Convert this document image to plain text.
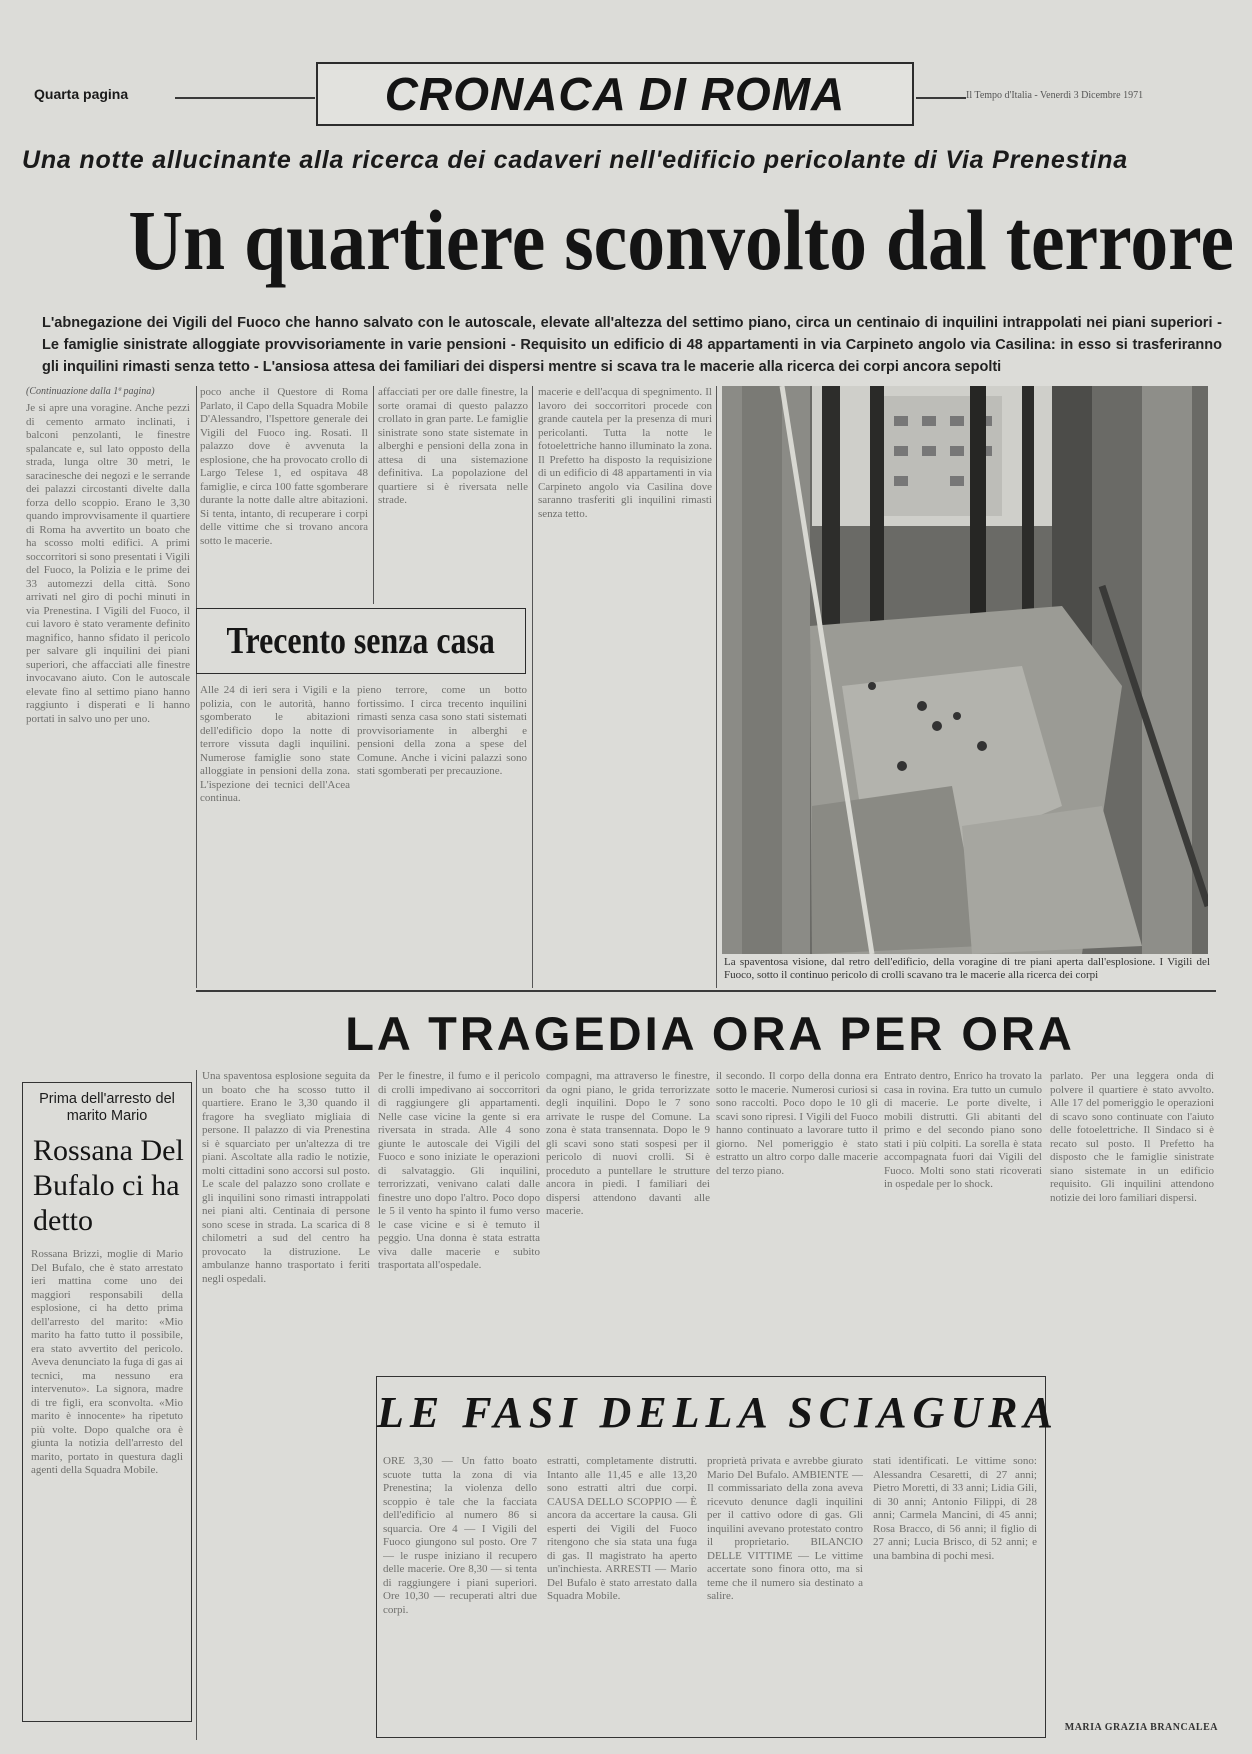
Quarta pagina	CRONACA DI ROMA	Il Tempo d'Italia - Venerdì 3 Dicembre 1971
Una notte allucinante alla ricerca dei cadaveri nell'edificio pericolante di Via Prenestina
Un quartiere sconvolto dal terrore
L'abnegazione dei Vigili del Fuoco che hanno salvato con le autoscale, elevate all'altezza del settimo piano, circa un centinaio di inquilini intrappolati nei piani superiori - Le famiglie sinistrate alloggiate provvisoriamente in varie pensioni - Requisito un edificio di 48 appartamenti in via Carpineto angolo via Casilina: in esso si trasferiranno gli inquilini rimasti senza tetto - L'ansiosa attesa dei familiari dei dispersi mentre si scava tra le macerie alla ricerca dei corpi ancora sepolti
(Continuazione dalla 1ª pagina)
Je si apre una voragine. Anche pezzi di cemento armato inclinati, i balconi penzolanti, le finestre spalancate e, sul lato opposto della strada, lunga oltre 30 metri, le saracinesche dei negozi e le serrande dei palazzi circostanti divelte dalla forza dello scoppio. Erano le 3,30 quando improvvisamente il quartiere di Roma ha avvertito un boato che ha scosso molti edifici. A primi soccorritori si sono presentati i Vigili del Fuoco, la Polizia e le prime dei 33 automezzi della città. Sono arrivati nel giro di pochi minuti in via Prenestina. I Vigili del Fuoco, il cui lavoro è stato veramente definito magnifico, hanno sfidato il pericolo per salvare gli inquilini dei piani superiori, che affacciati alle finestre invocavano aiuto. Con le autoscale elevate fino al settimo piano hanno raggiunto i disperati e li hanno portati in salvo uno per uno.
poco anche il Questore di Roma Parlato, il Capo della Squadra Mobile D'Alessandro, l'Ispettore generale dei Vigili del Fuoco ing. Rosati. Il palazzo dove è avvenuta la esplosione, che ha provocato crollo di Largo Telese 1, ed ospitava 48 famiglie, e circa 100 fatte sgomberare durante la notte dalle altre abitazioni. Si tenta, intanto, di recuperare i corpi delle vittime che si trovano ancora sotto le macerie.
affacciati per ore dalle finestre, la sorte oramai di questo palazzo crollato in gran parte. Le famiglie sinistrate sono state sistemate in alberghi e pensioni della zona in attesa di una sistemazione definitiva. La popolazione del quartiere si è riversata nelle strade.
Trecento senza casa
Alle 24 di ieri sera i Vigili e la polizia, con le autorità, hanno sgomberato le abitazioni dell'edificio dopo la notte di terrore vissuta dagli inquilini. Numerose famiglie sono state alloggiate in pensioni della zona. L'ispezione dei tecnici dell'Acea continua.
pieno terrore, come un botto fortissimo. I circa trecento inquilini rimasti senza casa sono stati sistemati provvisoriamente in alberghi e pensioni della zona a spese del Comune. Anche i vicini palazzi sono stati sgomberati per precauzione.
macerie e dell'acqua di spegnimento. Il lavoro dei soccorritori procede con grande cautela per la presenza di muri pericolanti. Tutta la notte le fotoelettriche hanno illuminato la zona. Il Prefetto ha disposto la requisizione di un edificio di 48 appartamenti in via Carpineto angolo via Casilina dove saranno trasferiti gli inquilini rimasti senza tetto.
La spaventosa visione, dal retro dell'edificio, della voragine di tre piani aperta dall'esplosione. I Vigili del Fuoco, sotto il continuo pericolo di crolli scavano tra le macerie alla ricerca dei corpi
LA TRAGEDIA ORA PER ORA
Prima dell'arresto del marito Mario
Rossana Del Bufalo ci ha detto
Rossana Brizzi, moglie di Mario Del Bufalo, che è stato arrestato ieri mattina come uno dei maggiori responsabili della esplosione, ci ha detto prima dell'arresto del marito: «Mio marito ha fatto tutto il possibile, era stato avvertito del pericolo. Aveva denunciato la fuga di gas ai tecnici, ma nessuno era intervenuto». La signora, madre di tre figli, era sconvolta. «Mio marito è innocente» ha ripetuto più volte. Dopo qualche ora è giunta la notizia dell'arresto del marito, portato in questura dagli agenti della Squadra Mobile.
Una spaventosa esplosione seguita da un boato che ha scosso tutto il quartiere. Erano le 3,30 quando il fragore ha svegliato migliaia di persone. Il palazzo di via Prenestina si è squarciato per un'altezza di tre piani. Ascoltate alla radio le notizie, molti cittadini sono accorsi sul posto. Le scale del palazzo sono crollate e gli inquilini sono rimasti intrappolati nei piani alti. Centinaia di persone sono scese in strada. La scarica di 8 chilometri a sud del centro ha provocato la distruzione. Le ambulanze hanno trasportato i feriti negli ospedali.
Per le finestre, il fumo e il pericolo di crolli impedivano ai soccorritori di raggiungere gli appartamenti. Nelle case vicine la gente si era riversata in strada. Alle 4 sono giunte le autoscale dei Vigili del Fuoco e sono iniziate le operazioni di salvataggio. Gli inquilini, terrorizzati, venivano calati dalle finestre uno dopo l'altro. Poco dopo le 5 il vento ha spinto il fumo verso le case vicine e si è temuto il peggio. Una donna è stata estratta viva dalle macerie e subito trasportata all'ospedale.
compagni, ma attraverso le finestre, da ogni piano, le grida terrorizzate degli inquilini. Dopo le 7 sono arrivate le ruspe del Comune. La zona è stata transennata. Dopo le 9 gli scavi sono stati sospesi per il pericolo di nuovi crolli. Si è proceduto a puntellare le strutture ancora in piedi. I familiari dei dispersi attendono davanti alle macerie.
il secondo. Il corpo della donna era sotto le macerie. Numerosi curiosi si sono raccolti. Poco dopo le 10 gli scavi sono ripresi. I Vigili del Fuoco hanno continuato a lavorare tutto il giorno. Nel pomeriggio è stato estratto un altro corpo dalle macerie del terzo piano.
Entrato dentro, Enrico ha trovato la casa in rovina. Era tutto un cumulo di macerie. Le porte divelte, i mobili distrutti. Gli abitanti del primo e del secondo piano sono stati i più colpiti. La sorella è stata accompagnata fuori dai Vigili del Fuoco. Molti sono stati ricoverati in ospedale per lo shock.
parlato. Per una leggera onda di polvere il quartiere è stato avvolto. Alle 17 del pomeriggio le operazioni di scavo sono continuate con l'aiuto delle fotoelettriche. Il Sindaco si è recato sul posto. Il Prefetto ha disposto che le famiglie sinistrate siano sistemate in un edificio requisito. Gli inquilini attendono notizie dei loro familiari dispersi.
LE FASI DELLA SCIAGURA
ORE 3,30 — Un fatto boato scuote tutta la zona di via Prenestina; la violenza dello scoppio è tale che la facciata dell'edificio al numero 86 si squarcia. Ore 4 — I Vigili del Fuoco giungono sul posto. Ore 7 — le ruspe iniziano il recupero delle macerie. Ore 8,30 — si tenta di raggiungere i piani superiori. Ore 10,30 — recuperati altri due corpi.
estratti, completamente distrutti. Intanto alle 11,45 e alle 13,20 sono estratti altri due corpi. CAUSA DELLO SCOPPIO — È ancora da accertare la causa. Gli esperti dei Vigili del Fuoco ritengono che sia stata una fuga di gas. Il magistrato ha aperto un'inchiesta. ARRESTI — Mario Del Bufalo è stato arrestato dalla Squadra Mobile.
proprietà privata e avrebbe giurato Mario Del Bufalo. AMBIENTE — Il commissariato della zona aveva ricevuto denunce dagli inquilini per il cattivo odore di gas. Gli inquilini avevano protestato contro il proprietario. BILANCIO DELLE VITTIME — Le vittime accertate sono finora otto, ma si teme che il numero sia destinato a salire.
stati identificati. Le vittime sono: Alessandra Cesaretti, di 27 anni; Pietro Moretti, di 33 anni; Lidia Gili, di 30 anni; Antonio Filippi, di 28 anni; Carmela Mancini, di 45 anni; Rosa Bracco, di 56 anni; il figlio di 27 anni; Lucia Brisco, di 52 anni; e una bambina di pochi mesi.
MARIA GRAZIA BRANCALEA
